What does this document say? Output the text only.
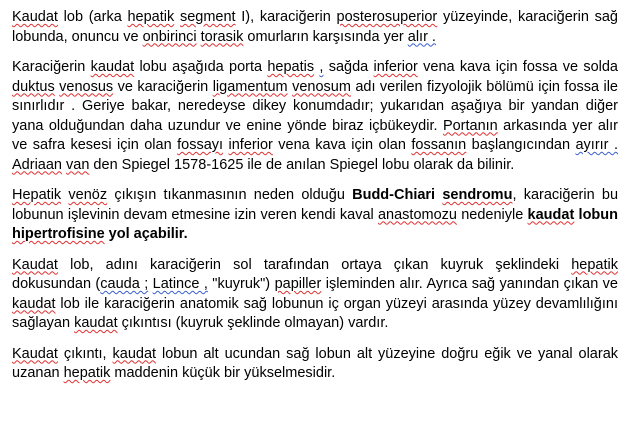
Kaudat lob (arka hepatik segment I), karaciğerin posterosuperior yüzeyinde, karaciğerin sağ lobunda, onuncu ve onbirinci torasik omurların karşısında yer alır .

Karaciğerin kaudat lobu aşağıda porta hepatis , sağda inferior vena kava için fossa ve solda duktus venosus ve karaciğerin ligamentum venosum adı verilen fizyolojik bölümü için fossa ile sınırlıdır . Geriye bakar, neredeyse dikey konumdadır; yukarıdan aşağıya bir yandan diğer yana olduğundan daha uzundur ve enine yönde biraz içbükeydir. Portanın arkasında yer alır ve safra kesesi için olan fossayı inferior vena kava için olan fossanın başlangıcından ayırır . Adriaan van den Spiegel 1578-1625 ile de anılan Spiegel lobu olarak da bilinir.

Hepatik venöz çıkışın tıkanmasının neden olduğu Budd-Chiari sendromu, karaciğerin bu lobunun işlevinin devam etmesine izin veren kendi kaval anastomozu nedeniyle kaudat lobun hipertrofisine yol açabilir.

Kaudat lob, adını karaciğerin sol tarafından ortaya çıkan kuyruk şeklindeki hepatik dokusundan (cauda ; Latince , "kuyruk") papiller işleminden alır. Ayrıca sağ yanından çıkan ve kaudat lob ile karaciğerin anatomik sağ lobunun iç organ yüzeyi arasında yüzey devamlılığını sağlayan kaudat çıkıntısı (kuyruk şeklinde olmayan) vardır.

Kaudat çıkıntı, kaudat lobun alt ucundan sağ lobun alt yüzeyine doğru eğik ve yanal olarak uzanan hepatik maddenin küçük bir yükselmesidir.
